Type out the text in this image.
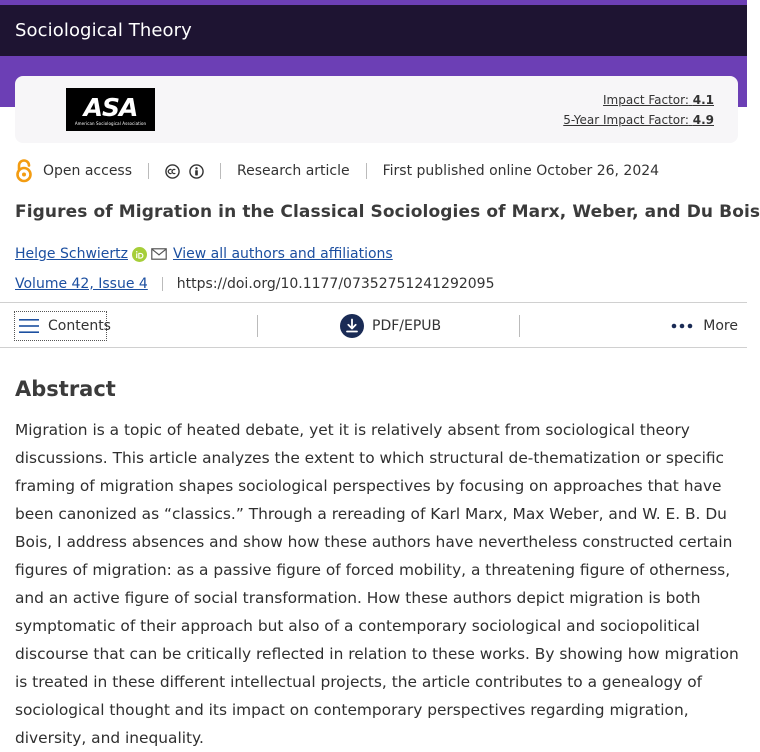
Sociological Theory
ASA
American Sociological Association
Impact Factor: 4.1
5-Year Impact Factor: 4.9
Open access	Research article First published online October 26, 2024
Figures of Migration in the Classical Sociologies of Marx, Weber, and Du Bois
Helge Schwiertz	View all authors and affiliations
Volume 42, Issue 4 https://doi.org/10.1177/07352751241292095
Contents	PDF/EPUB	More
Abstract

Migration is a topic of heated debate, yet it is relatively absent from sociological theory discussions. This article analyzes the extent to which structural de-thematization or specific framing of migration shapes sociological perspectives by focusing on approaches that have been canonized as “classics.” Through a rereading of Karl Marx, Max Weber, and W. E. B. Du Bois, I address absences and show how these authors have nevertheless constructed certain figures of migration: as a passive figure of forced mobility, a threatening figure of otherness, and an active figure of social transformation. How these authors depict migration is both symptomatic of their approach but also of a contemporary sociological and sociopolitical discourse that can be critically reflected in relation to these works. By showing how migration is treated in these different intellectual projects, the article contributes to a genealogy of sociological thought and its impact on contemporary perspectives regarding migration, diversity, and inequality.
